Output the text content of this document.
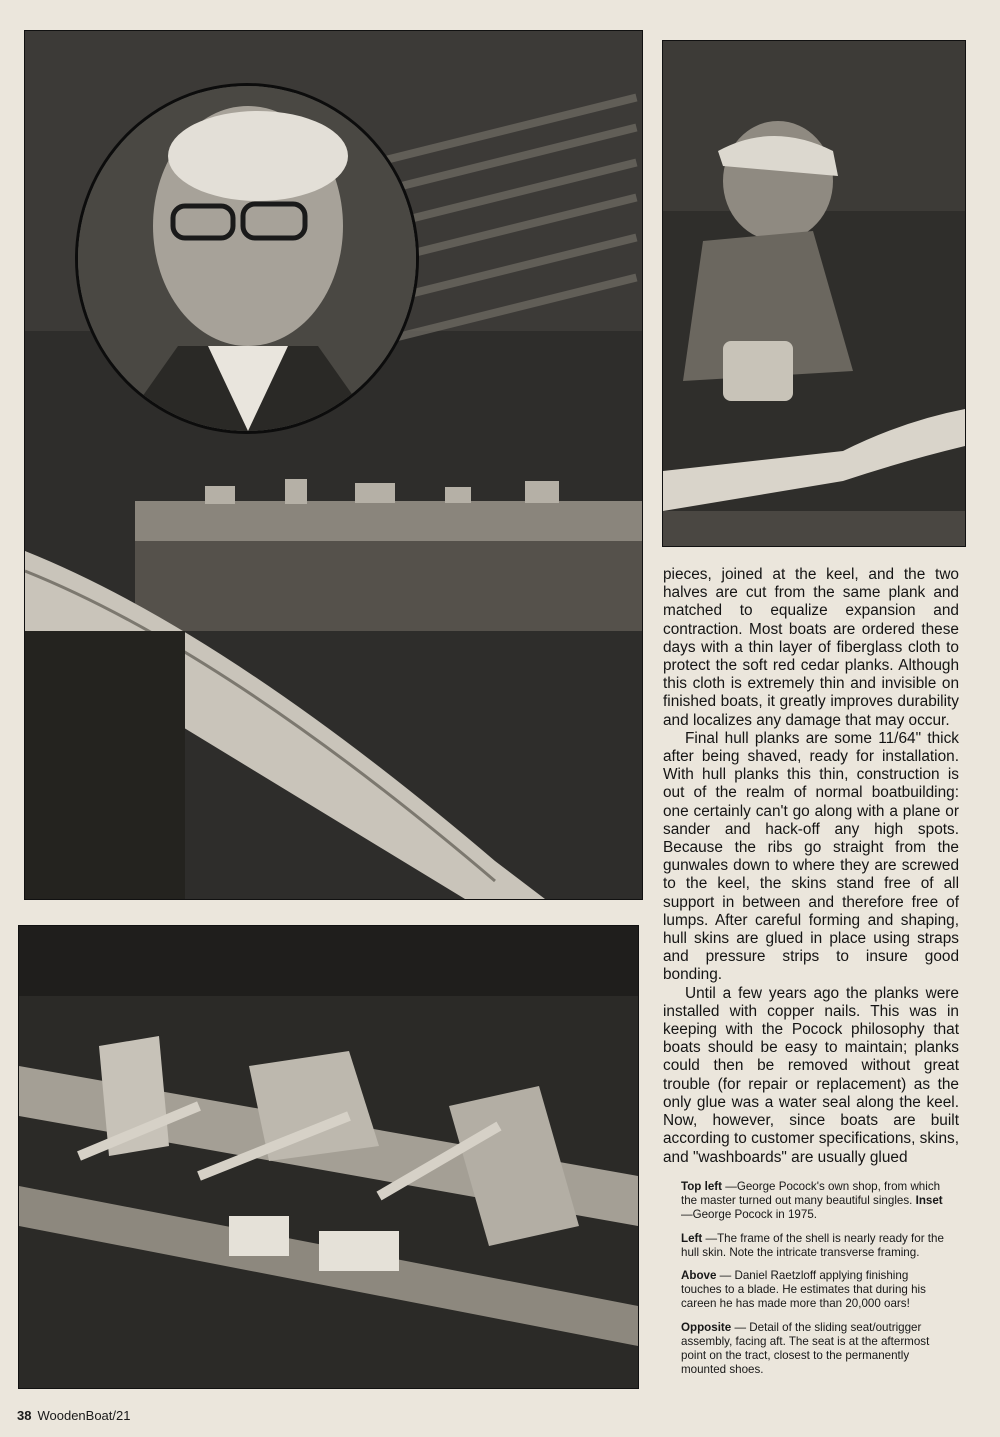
pieces, joined at the keel, and the two halves are cut from the same plank and matched to equalize expansion and contraction. Most boats are ordered these days with a thin layer of fiberglass cloth to protect the soft red cedar planks. Although this cloth is extremely thin and invisible on finished boats, it greatly improves durability and localizes any damage that may occur.

Final hull planks are some 11/64" thick after being shaved, ready for installation. With hull planks this thin, construction is out of the realm of normal boatbuilding: one certainly can't go along with a plane or sander and hack-off any high spots. Because the ribs go straight from the gunwales down to where they are screwed to the keel, the skins stand free of all support in between and therefore free of lumps. After careful forming and shaping, hull skins are glued in place using straps and pressure strips to insure good bonding.

Until a few years ago the planks were installed with copper nails. This was in keeping with the Pocock philosophy that boats should be easy to maintain; planks could then be removed without great trouble (for repair or replacement) as the only glue was a water seal along the keel. Now, however, since boats are built according to customer specifications, skins, and "washboards" are usually glued

Top left —George Pocock's own shop, from which the master turned out many beautiful singles. Inset —George Pocock in 1975.

Left —The frame of the shell is nearly ready for the hull skin. Note the intricate transverse framing.

Above — Daniel Raetzloff applying finishing touches to a blade. He estimates that during his careen he has made more than 20,000 oars!

Opposite — Detail of the sliding seat/outrigger assembly, facing aft. The seat is at the aftermost point on the tract, closest to the permanently mounted shoes.

38 WoodenBoat/21
